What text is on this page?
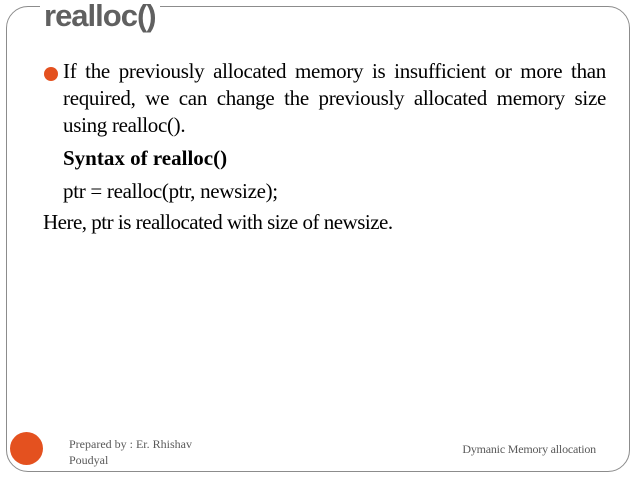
realloc()

If the previously allocated memory is insufficient or more than required, we can change the previously allocated memory size using realloc().

Syntax of realloc()

ptr = realloc(ptr, newsize);

Here, ptr is reallocated with size of newsize.

Prepared by : Er. Rhishav Poudyal

Dymanic Memory allocation
